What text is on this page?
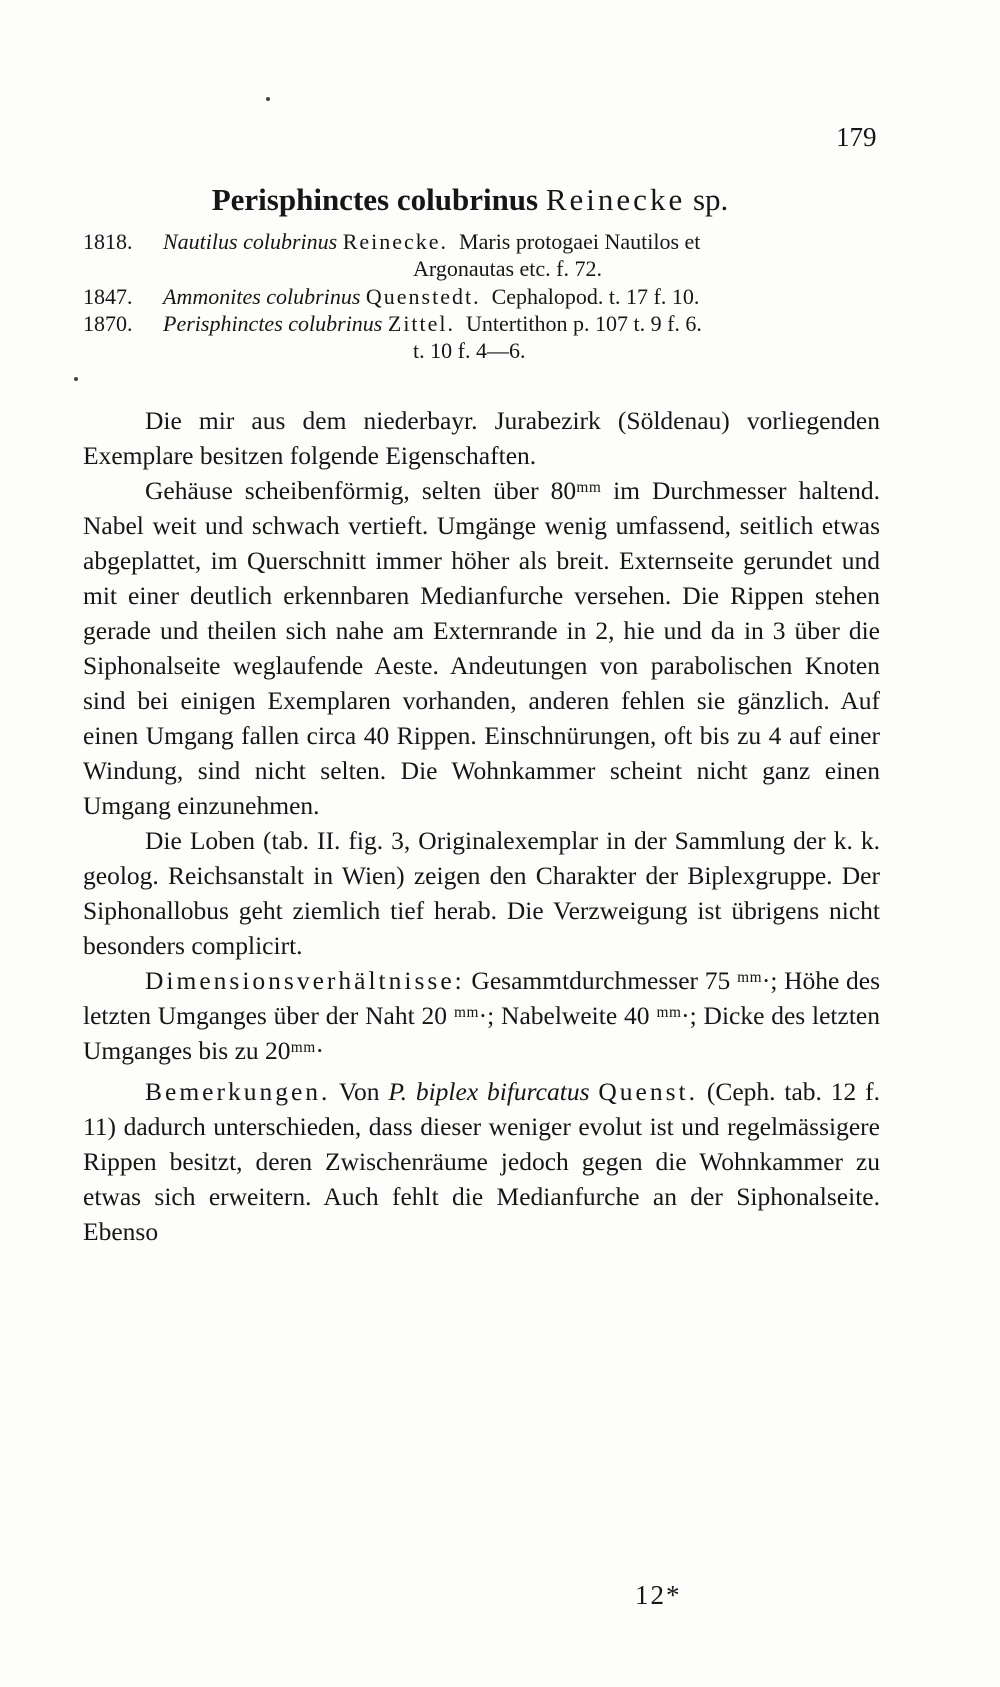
179
Perisphinctes colubrinus Reinecke sp.
1818. Nautilus colubrinus Reinecke. Maris protogaei Nautilos et
Argonautas etc. f. 72.
1847. Ammonites colubrinus Quenstedt. Cephalopod. t. 17 f. 10.
1870. Perisphinctes colubrinus Zittel. Untertithon p. 107 t. 9 f. 6.
t. 10 f. 4—6.

Die mir aus dem niederbayr. Jurabezirk (Söldenau) vorliegenden Exemplare besitzen folgende Eigenschaften.

Gehäuse scheibenförmig, selten über 80ᵐᵐ im Durchmesser haltend. Nabel weit und schwach vertieft. Umgänge wenig umfassend, seitlich etwas abgeplattet, im Querschnitt immer höher als breit. Externseite gerundet und mit einer deutlich erkennbaren Medianfurche versehen. Die Rippen stehen gerade und theilen sich nahe am Externrande in 2, hie und da in 3 über die Siphonalseite weglaufende Aeste. Andeutungen von parabolischen Knoten sind bei einigen Exemplaren vorhanden, anderen fehlen sie gänzlich. Auf einen Umgang fallen circa 40 Rippen. Einschnürungen, oft bis zu 4 auf einer Windung, sind nicht selten. Die Wohnkammer scheint nicht ganz einen Umgang einzunehmen.

Die Loben (tab. II. fig. 3, Originalexemplar in der Sammlung der k. k. geolog. Reichsanstalt in Wien) zeigen den Charakter der Biplexgruppe. Der Siphonallobus geht ziemlich tief herab. Die Verzweigung ist übrigens nicht besonders complicirt.

Dimensionsverhältnisse: Gesammtdurchmesser 75 ᵐᵐ·; Höhe des letzten Umganges über der Naht 20 ᵐᵐ·; Nabelweite 40 ᵐᵐ·; Dicke des letzten Umganges bis zu 20ᵐᵐ·

Bemerkungen. Von P. biplex bifurcatus Quenst. (Ceph. tab. 12 f. 11) dadurch unterschieden, dass dieser weniger evolut ist und regelmässigere Rippen besitzt, deren Zwischenräume jedoch gegen die Wohnkammer zu etwas sich erweitern. Auch fehlt die Medianfurche an der Siphonalseite. Ebenso

12*
